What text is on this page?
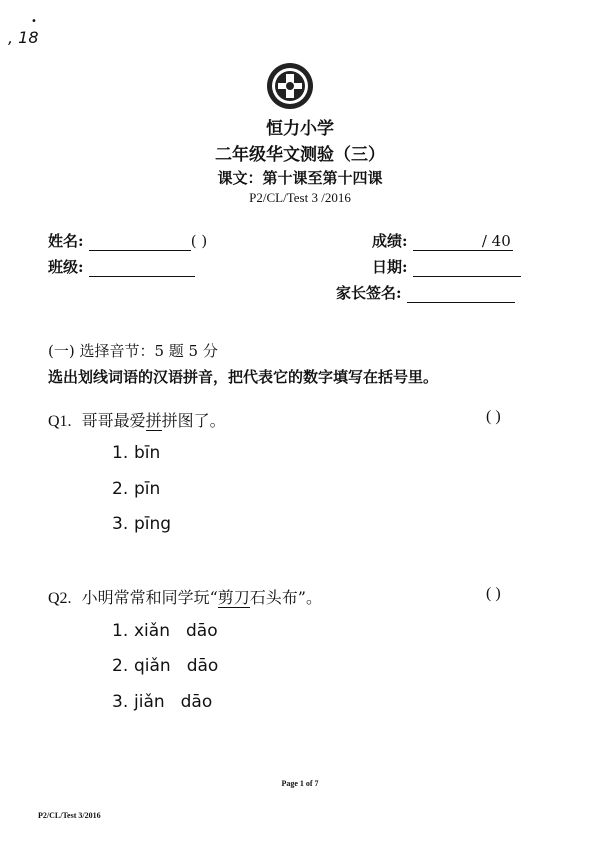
•
, 18
恒力小学
二年级华文测验（三）
课文：第十课至第十四课
P2/CL/Test 3 /2016
姓名:	( )
班级:
成绩:	/ 40
日期:
家长签名:
(一) 选择音节：5 题 5 分
选出划线词语的汉语拼音，把代表它的数字填写在括号里。
Q1. 哥哥最爱拼拼图了。	( )
1. bīn
2. pīn
3. pīng
Q2. 小明常常和同学玩“剪刀石头布”。	( )
1. xiǎn dāo
2. qiǎn dāo
3. jiǎn dāo
Page 1 of 7
P2/CL/Test 3/2016
